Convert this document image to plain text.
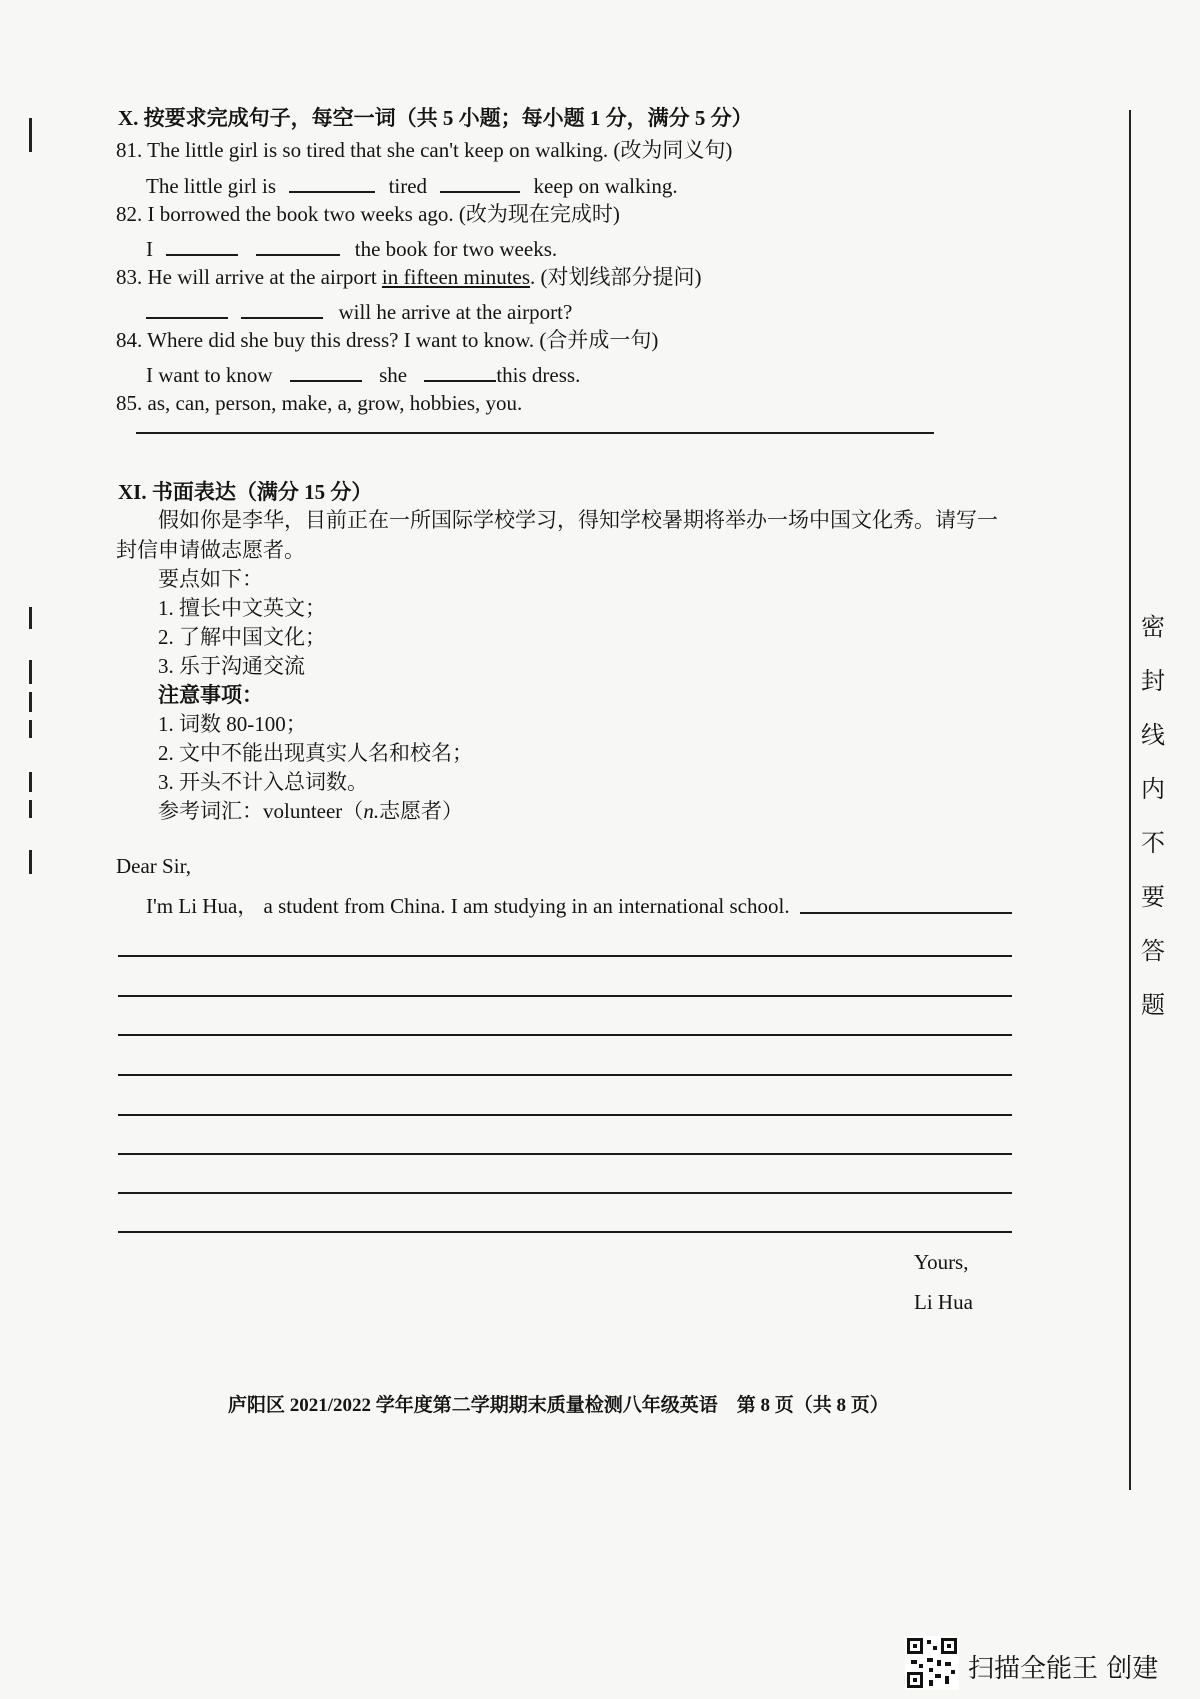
X. 按要求完成句子，每空一词（共 5 小题；每小题 1 分，满分 5 分）
81. The little girl is so tired that she can't keep on walking. (改为同义句)
The little girl is	tired	keep on walking.
82. I borrowed the book two weeks ago. (改为现在完成时)
I	the book for two weeks.
83. He will arrive at the airport in fifteen minutes. (对划线部分提问)
will he arrive at the airport?
84. Where did she buy this dress? I want to know. (合并成一句)
I want to know	she	this dress.
85. as, can, person, make, a, grow, hobbies, you.
XI. 书面表达（满分 15 分）
假如你是李华，目前正在一所国际学校学习，得知学校暑期将举办一场中国文化秀。请写一
封信申请做志愿者。
要点如下：
1. 擅长中文英文；
2. 了解中国文化；
3. 乐于沟通交流
注意事项：
1. 词数 80-100；
2. 文中不能出现真实人名和校名；
3. 开头不计入总词数。
参考词汇：volunteer（n.志愿者）
Dear Sir,
I'm Li Hua， a student from China. I am studying in an international school.
Yours,
Li Hua
密封线内不要答题
庐阳区 2021/2022 学年度第二学期期末质量检测八年级英语　第 8 页（共 8 页）
扫描全能王 创建
